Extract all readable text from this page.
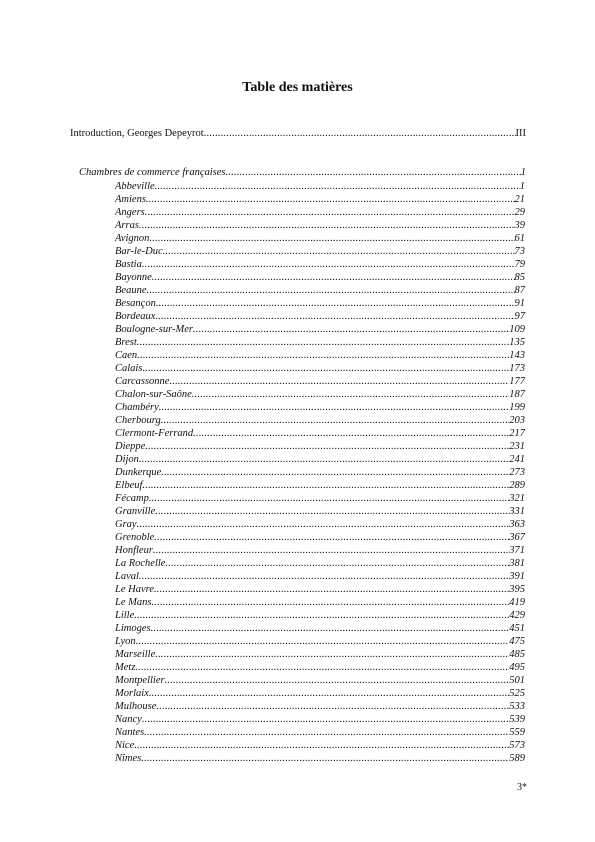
Table des matières
Introduction, Georges Depeyrot .....	III
Chambres de commerce françaises .....	1
Abbeville .....	1
Amiens .....	21
Angers .....	29
Arras .....	39
Avignon .....	61
Bar-le-Duc .....	73
Bastia .....	79
Bayonne .....	85
Beaune .....	87
Besançon .....	91
Bordeaux .....	97
Boulogne-sur-Mer .....	109
Brest .....	135
Caen .....	143
Calais .....	173
Carcassonne .....	177
Chalon-sur-Saône .....	187
Chambéry .....	199
Cherbourg .....	203
Clermont-Ferrand .....	217
Dieppe .....	231
Dijon .....	241
Dunkerque .....	273
Elbeuf .....	289
Fécamp .....	321
Granville .....	331
Gray .....	363
Grenoble .....	367
Honfleur .....	371
La Rochelle .....	381
Laval .....	391
Le Havre .....	395
Le Mans .....	419
Lille .....	429
Limoges .....	451
Lyon .....	475
Marseille .....	485
Metz .....	495
Montpellier .....	501
Morlaix .....	525
Mulhouse .....	533
Nancy .....	539
Nantes .....	559
Nice .....	573
Nîmes .....	589
3*
